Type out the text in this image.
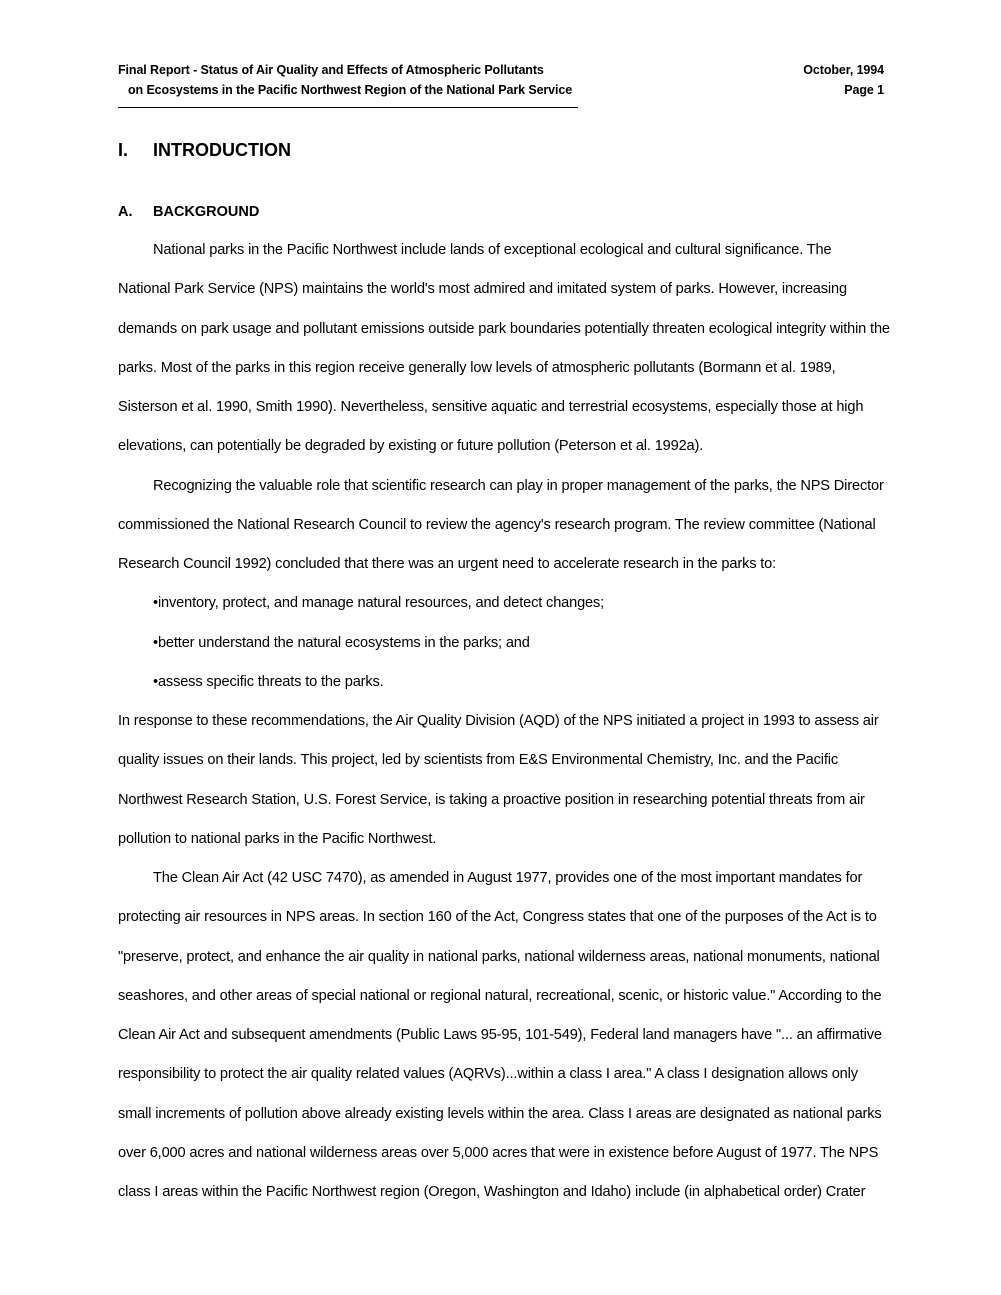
Final Report - Status of Air Quality and Effects of Atmospheric Pollutants
on Ecosystems in the Pacific Northwest Region of the National Park Service
October, 1994
Page 1
I. INTRODUCTION
A. BACKGROUND
National parks in the Pacific Northwest include lands of exceptional ecological and cultural significance. The
National Park Service (NPS) maintains the world's most admired and imitated system of parks. However, increasing
demands on park usage and pollutant emissions outside park boundaries potentially threaten ecological integrity within the
parks. Most of the parks in this region receive generally low levels of atmospheric pollutants (Bormann et al. 1989,
Sisterson et al. 1990, Smith 1990). Nevertheless, sensitive aquatic and terrestrial ecosystems, especially those at high
elevations, can potentially be degraded by existing or future pollution (Peterson et al. 1992a).
Recognizing the valuable role that scientific research can play in proper management of the parks, the NPS Director
commissioned the National Research Council to review the agency's research program. The review committee (National
Research Council 1992) concluded that there was an urgent need to accelerate research in the parks to:
•inventory, protect, and manage natural resources, and detect changes;
•better understand the natural ecosystems in the parks; and
•assess specific threats to the parks.
In response to these recommendations, the Air Quality Division (AQD) of the NPS initiated a project in 1993 to assess air
quality issues on their lands. This project, led by scientists from E&S Environmental Chemistry, Inc. and the Pacific
Northwest Research Station, U.S. Forest Service, is taking a proactive position in researching potential threats from air
pollution to national parks in the Pacific Northwest.
The Clean Air Act (42 USC 7470), as amended in August 1977, provides one of the most important mandates for
protecting air resources in NPS areas. In section 160 of the Act, Congress states that one of the purposes of the Act is to
"preserve, protect, and enhance the air quality in national parks, national wilderness areas, national monuments, national
seashores, and other areas of special national or regional natural, recreational, scenic, or historic value." According to the
Clean Air Act and subsequent amendments (Public Laws 95-95, 101-549), Federal land managers have "... an affirmative
responsibility to protect the air quality related values (AQRVs)...within a class I area." A class I designation allows only
small increments of pollution above already existing levels within the area. Class I areas are designated as national parks
over 6,000 acres and national wilderness areas over 5,000 acres that were in existence before August of 1977. The NPS
class I areas within the Pacific Northwest region (Oregon, Washington and Idaho) include (in alphabetical order) Crater
